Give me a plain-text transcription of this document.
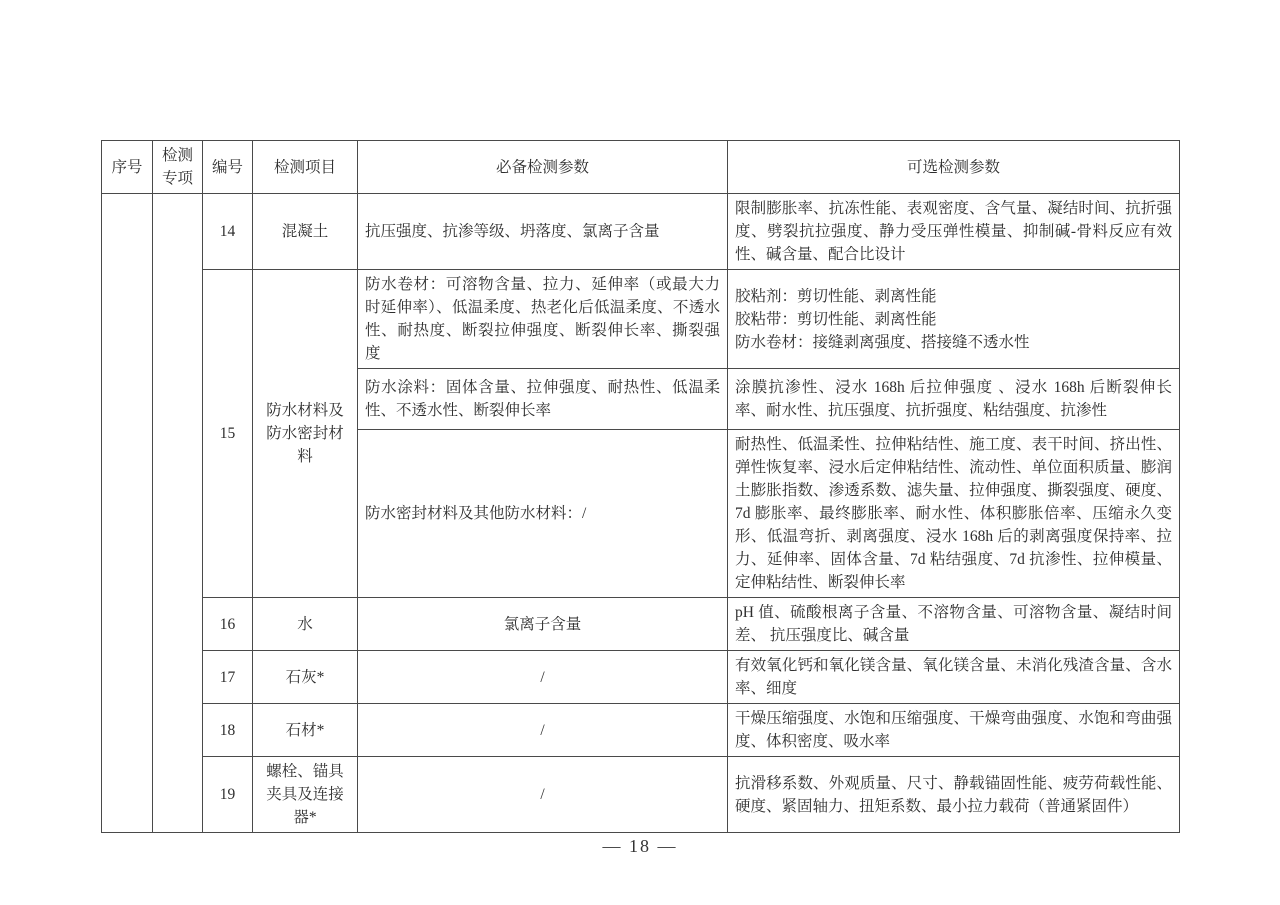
序号	检测专项	编号	检测项目	必备检测参数	可选检测参数
		14	混凝土	抗压强度、抗渗等级、坍落度、氯离子含量	限制膨胀率、抗冻性能、表观密度、含气量、凝结时间、抗折强度、劈裂抗拉强度、静力受压弹性模量、抑制碱-骨料反应有效性、碱含量、配合比设计
		15	防水材料及防水密封材料	防水卷材：可溶物含量、拉力、延伸率（或最大力时延伸率）、低温柔度、热老化后低温柔度、不透水性、耐热度、断裂拉伸强度、断裂伸长率、撕裂强度	胶粘剂：剪切性能、剥离性能
胶粘带：剪切性能、剥离性能
防水卷材：接缝剥离强度、搭接缝不透水性

				防水涂料：固体含量、拉伸强度、耐热性、低温柔性、不透水性、断裂伸长率	涂膜抗渗性、浸水 168h 后拉伸强度 、浸水 168h 后断裂伸长率、耐水性、抗压强度、抗折强度、粘结强度、抗渗性
				防水密封材料及其他防水材料：/	耐热性、低温柔性、拉伸粘结性、施工度、表干时间、挤出性、弹性恢复率、浸水后定伸粘结性、流动性、单位面积质量、膨润土膨胀指数、渗透系数、滤失量、拉伸强度、撕裂强度、硬度、7d 膨胀率、最终膨胀率、耐水性、体积膨胀倍率、压缩永久变形、低温弯折、剥离强度、浸水 168h 后的剥离强度保持率、拉力、延伸率、固体含量、7d 粘结强度、7d 抗渗性、拉伸模量、定伸粘结性、断裂伸长率
		16	水	氯离子含量	pH 值、硫酸根离子含量、不溶物含量、可溶物含量、凝结时间差、 抗压强度比、碱含量
		17	石灰*	/	有效氧化钙和氧化镁含量、氧化镁含量、未消化残渣含量、含水率、细度
		18	石材*	/	干燥压缩强度、水饱和压缩强度、干燥弯曲强度、水饱和弯曲强度、体积密度、吸水率
		19	螺栓、锚具夹具及连接器*	/	抗滑移系数、外观质量、尺寸、静载锚固性能、疲劳荷载性能、硬度、紧固轴力、扭矩系数、最小拉力载荷（普通紧固件）
— 18 —
